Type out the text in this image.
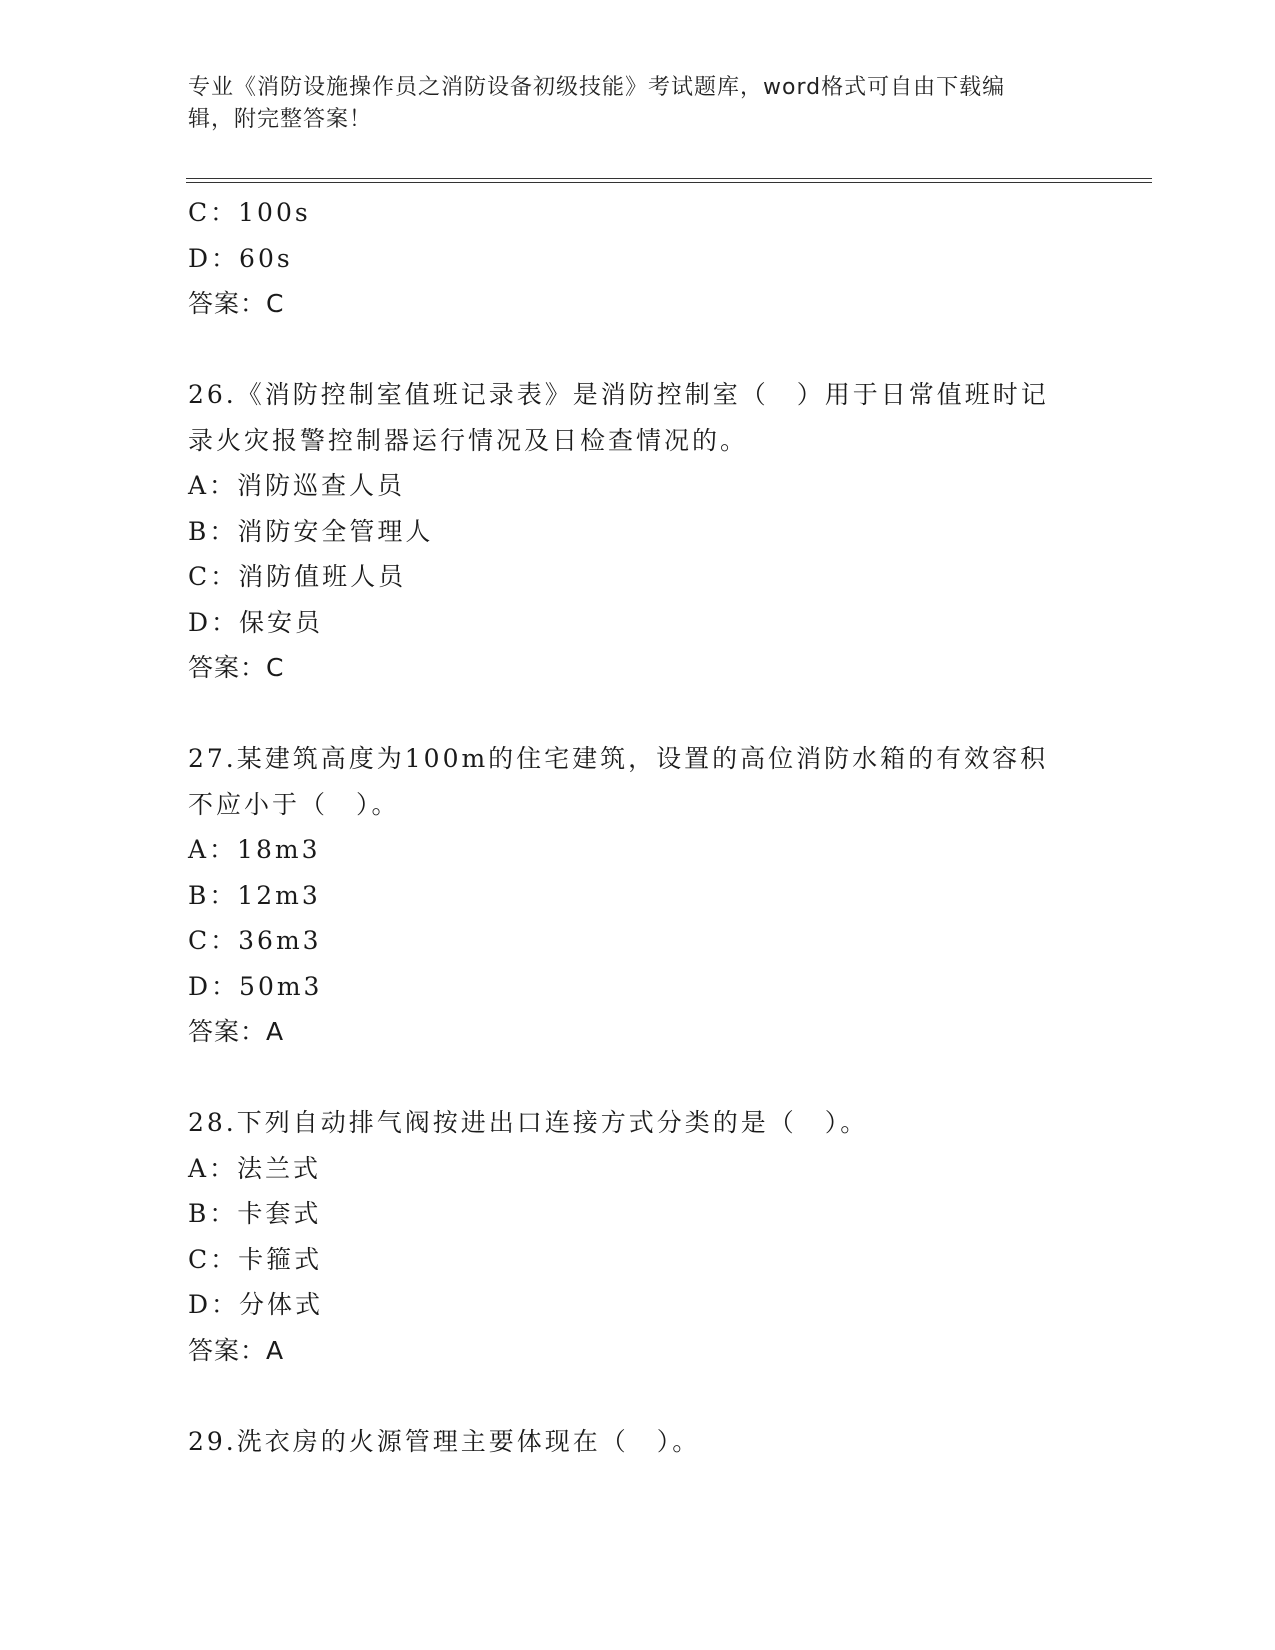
专业《消防设施操作员之消防设备初级技能》考试题库，word格式可自由下载编
辑，附完整答案！
C：100s
D：60s
答案：C
26.《消防控制室值班记录表》是消防控制室（　）用于日常值班时记
录火灾报警控制器运行情况及日检查情况的。
A：消防巡查人员
B：消防安全管理人
C：消防值班人员
D：保安员
答案：C
27.某建筑高度为100m的住宅建筑，设置的高位消防水箱的有效容积
不应小于（　）。
A：18m3
B：12m3
C：36m3
D：50m3
答案：A
28.下列自动排气阀按进出口连接方式分类的是（　）。
A：法兰式
B：卡套式
C：卡箍式
D：分体式
答案：A
29.洗衣房的火源管理主要体现在（　）。
